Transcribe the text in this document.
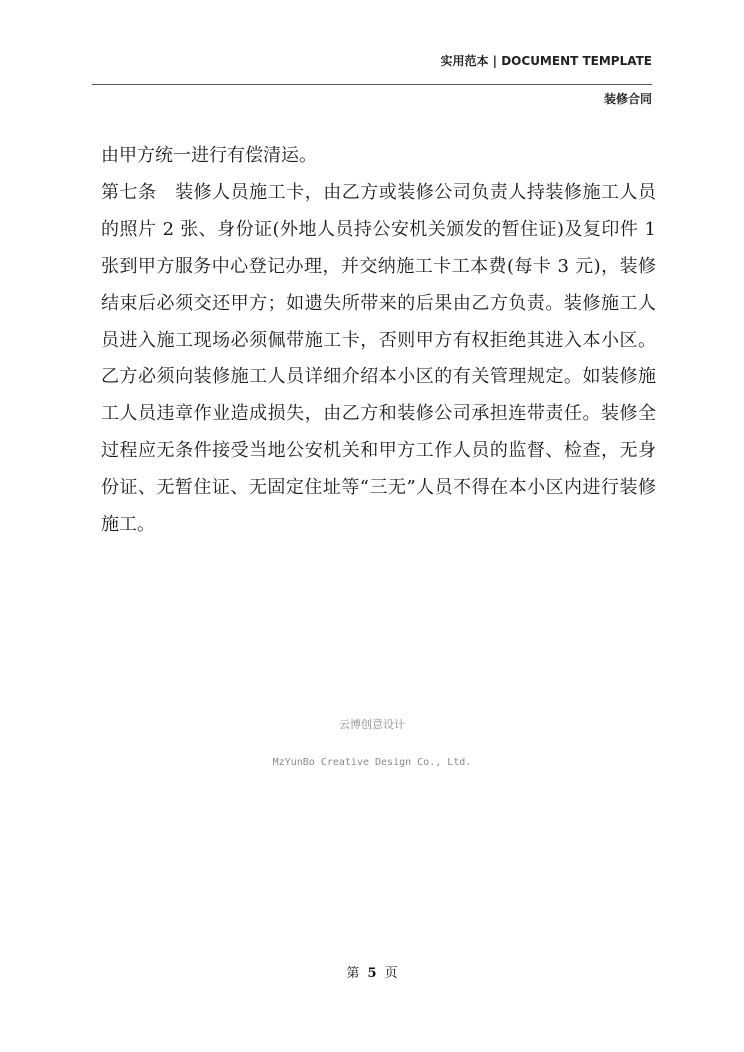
实用范本 | DOCUMENT TEMPLATE
装修合同

由甲方统一进行有偿清运。

第七条　装修人员施工卡，由乙方或装修公司负责人持装修施工人员的照片 2 张、身份证(外地人员持公安机关颁发的暂住证)及复印件 1 张到甲方服务中心登记办理，并交纳施工卡工本费(每卡 3 元)，装修结束后必须交还甲方；如遗失所带来的后果由乙方负责。装修施工人员进入施工现场必须佩带施工卡，否则甲方有权拒绝其进入本小区。乙方必须向装修施工人员详细介绍本小区的有关管理规定。如装修施工人员违章作业造成损失，由乙方和装修公司承担连带责任。装修全过程应无条件接受当地公安机关和甲方工作人员的监督、检查，无身份证、无暂住证、无固定住址等“三无”人员不得在本小区内进行装修施工。

云博创意设计
MzYunBo Creative Design Co., Ltd.
第 5 页
